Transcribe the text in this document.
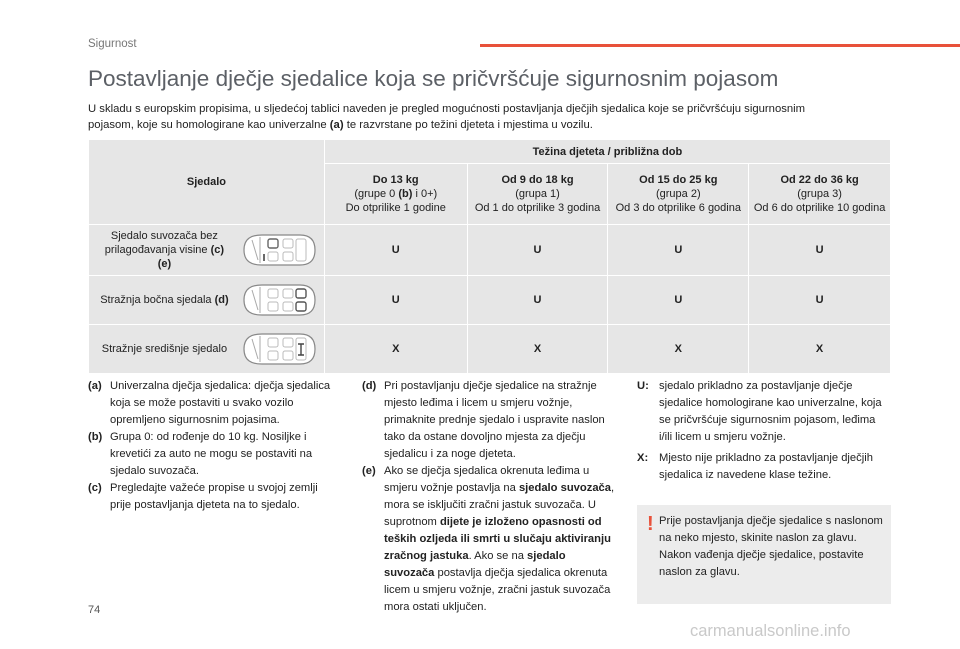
Sigurnost
Postavljanje dječje sjedalice koja se pričvršćuje sigurnosnim pojasom
U skladu s europskim propisima, u sljedećoj tablici naveden je pregled mogućnosti postavljanja dječjih sjedalica koje se pričvršćuju sigurnosnim
pojasom, koje su homologirane kao univerzalne (a) te razvrstane po težini djeteta i mjestima u vozilu.
Sjedalo	Težina djeteta / približna dob			
	Do 13 kg
(grupe 0 (b) i 0+)
Do otprilike 1 godine	Od 9 do 18 kg
(grupa 1)
Od 1 do otprilike 3 godina	Od 15 do 25 kg
(grupa 2)
Od 3 do otprilike 6 godina	Od 22 do 36 kg
(grupa 3)
Od 6 do otprilike 10 godina

Sjedalo suvozača bez
prilagođavanja visine (c)
(e)	U	U	U	U

Stražnja bočna sjedala (d)	U	U	U	U

Stražnje središnje sjedalo	X	X	X	X
(a) Univerzalna dječja sjedalica: dječja sjedalica koja se može postaviti u svako vozilo opremljeno sigurnosnim pojasima.
(b) Grupa 0: od rođenje do 10 kg. Nosiljke i krevetići za auto ne mogu se postaviti na sjedalo suvozača.
(c) Pregledajte važeće propise u svojoj zemlji prije postavljanja djeteta na to sjedalo.
(d) Pri postavljanju dječje sjedalice na stražnje mjesto leđima i licem u smjeru vožnje, primaknite prednje sjedalo i uspravite naslon tako da ostane dovoljno mjesta za dječju sjedalicu i za noge djeteta.
(e) Ako se dječja sjedalica okrenuta leđima u smjeru vožnje postavlja na sjedalo suvozača, mora se isključiti zračni jastuk suvozača. U suprotnom dijete je izloženo opasnosti od teških ozljeda ili smrti u slučaju aktiviranju zračnog jastuka. Ako se na sjedalo suvozača postavlja dječja sjedalica okrenuta licem u smjeru vožnje, zračni jastuk suvozača mora ostati uključen.
U: sjedalo prikladno za postavljanje dječje sjedalice homologirane kao univerzalne, koja se pričvršćuje sigurnosnim pojasom, leđima i/ili licem u smjeru vožnje.
X: Mjesto nije prikladno za postavljanje dječjih sjedalica iz navedene klase težine.
! Prije postavljanja dječje sjedalice s naslonom na neko mjesto, skinite naslon za glavu. Nakon vađenja dječje sjedalice, postavite naslon za glavu.
74
carmanualsonline.info
